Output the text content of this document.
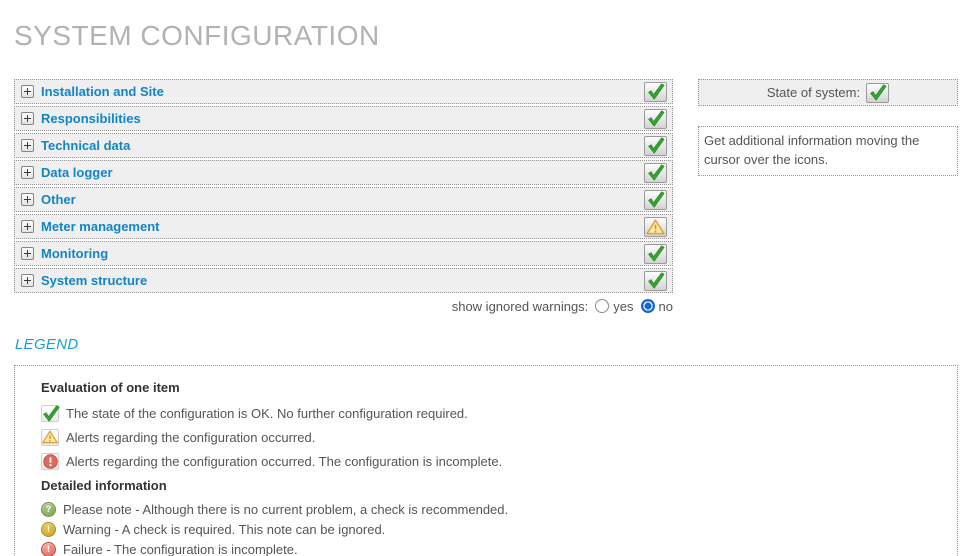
SYSTEM CONFIGURATION
Installation and Site
Responsibilities
Technical data
Data logger
Other
Meter management
Monitoring
System structure
show ignored warnings: yes no
State of system:
Get additional information moving the cursor over the icons.
LEGEND
Evaluation of one item
The state of the configuration is OK. No further configuration required.
Alerts regarding the configuration occurred.
Alerts regarding the configuration occurred. The configuration is incomplete.
Detailed information
?
Please note - Although there is no current problem, a check is recommended.
!
Warning - A check is required. This note can be ignored.
!
Failure - The configuration is incomplete.
